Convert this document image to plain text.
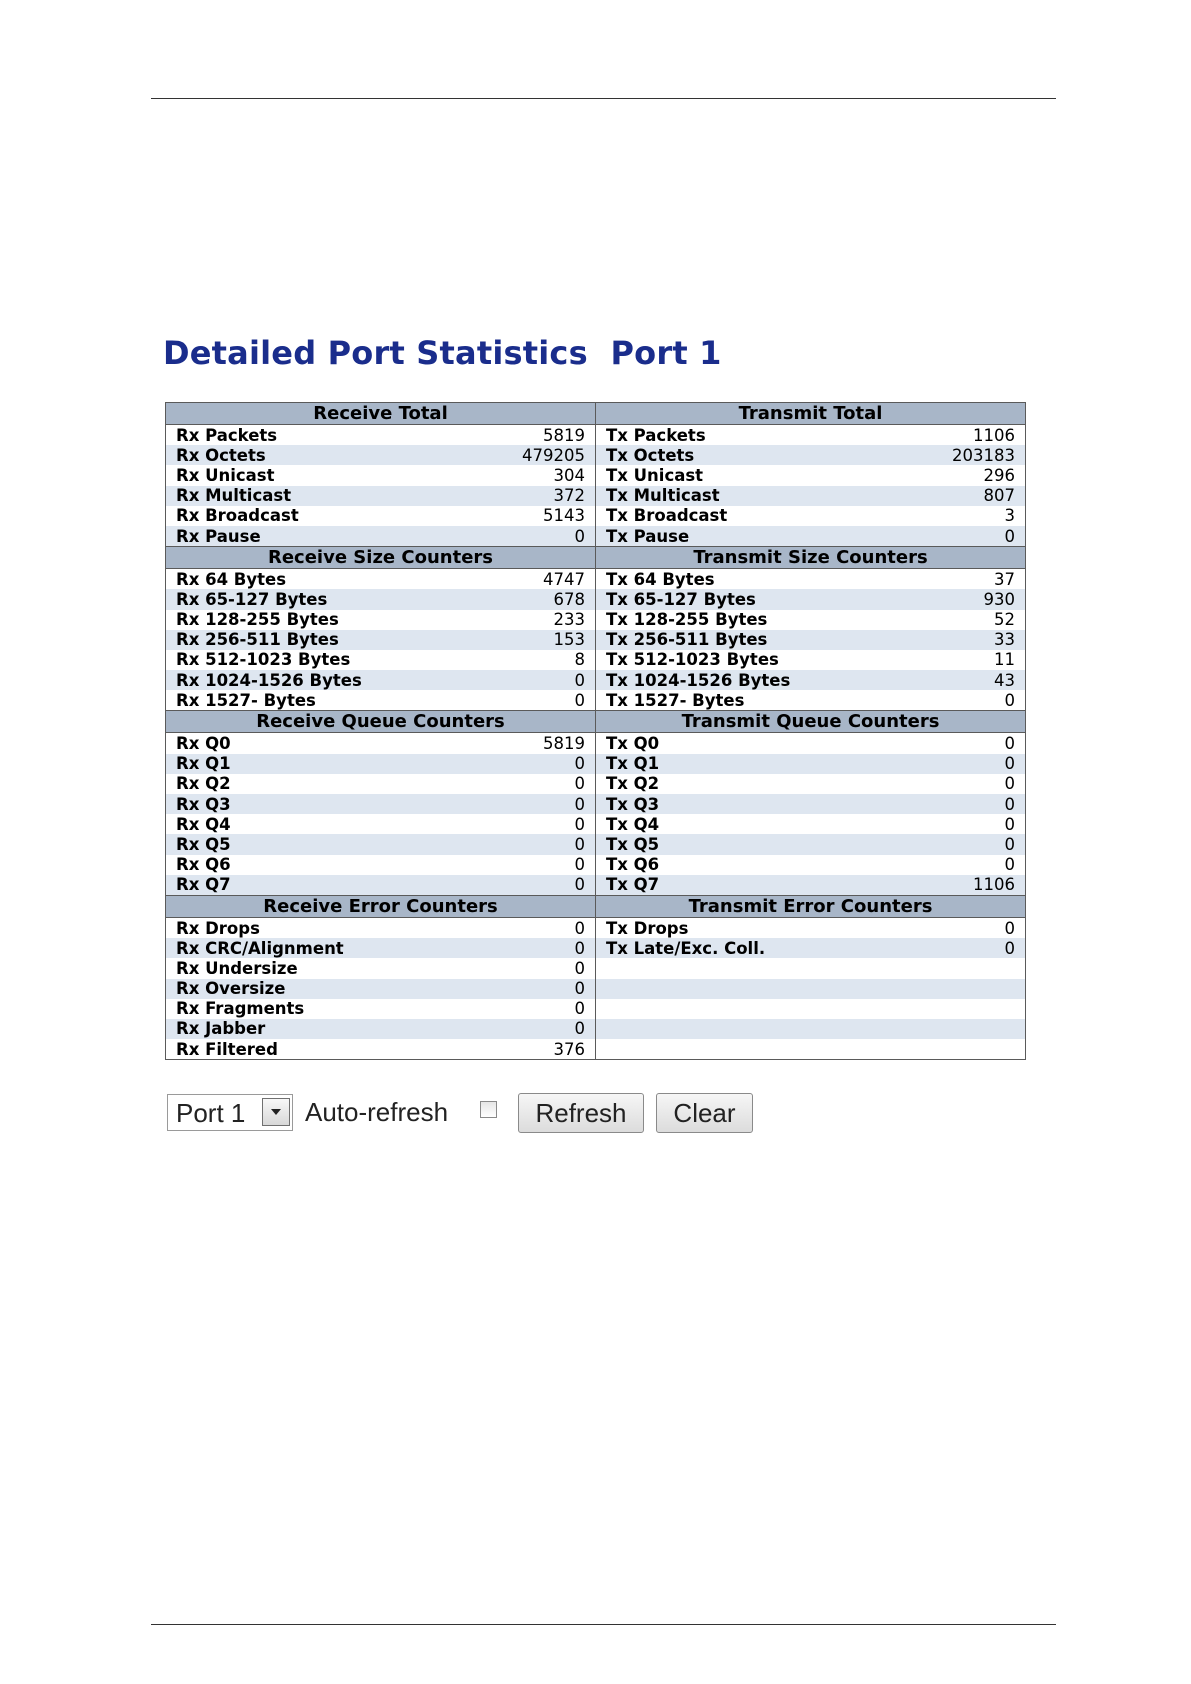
Detailed Port Statistics  Port 1
Receive Total		Transmit Total	
Rx Packets	5819	Tx Packets	1106
Rx Octets	479205	Tx Octets	203183
Rx Unicast	304	Tx Unicast	296
Rx Multicast	372	Tx Multicast	807
Rx Broadcast	5143	Tx Broadcast	3
Rx Pause	0	Tx Pause	0
Receive Size Counters		Transmit Size Counters	
Rx 64 Bytes	4747	Tx 64 Bytes	37
Rx 65-127 Bytes	678	Tx 65-127 Bytes	930
Rx 128-255 Bytes	233	Tx 128-255 Bytes	52
Rx 256-511 Bytes	153	Tx 256-511 Bytes	33
Rx 512-1023 Bytes	8	Tx 512-1023 Bytes	11
Rx 1024-1526 Bytes	0	Tx 1024-1526 Bytes	43
Rx 1527- Bytes	0	Tx 1527- Bytes	0
Receive Queue Counters		Transmit Queue Counters	
Rx Q0	5819	Tx Q0	0
Rx Q1	0	Tx Q1	0
Rx Q2	0	Tx Q2	0
Rx Q3	0	Tx Q3	0
Rx Q4	0	Tx Q4	0
Rx Q5	0	Tx Q5	0
Rx Q6	0	Tx Q6	0
Rx Q7	0	Tx Q7	1106
Receive Error Counters		Transmit Error Counters	
Rx Drops	0	Tx Drops	0
Rx CRC/Alignment	0	Tx Late/Exc. Coll.	0
Rx Undersize	0		
Rx Oversize	0		
Rx Fragments	0		
Rx Jabber	0		
Rx Filtered	376		
Port 1 Auto-refresh	Refresh	Clear
